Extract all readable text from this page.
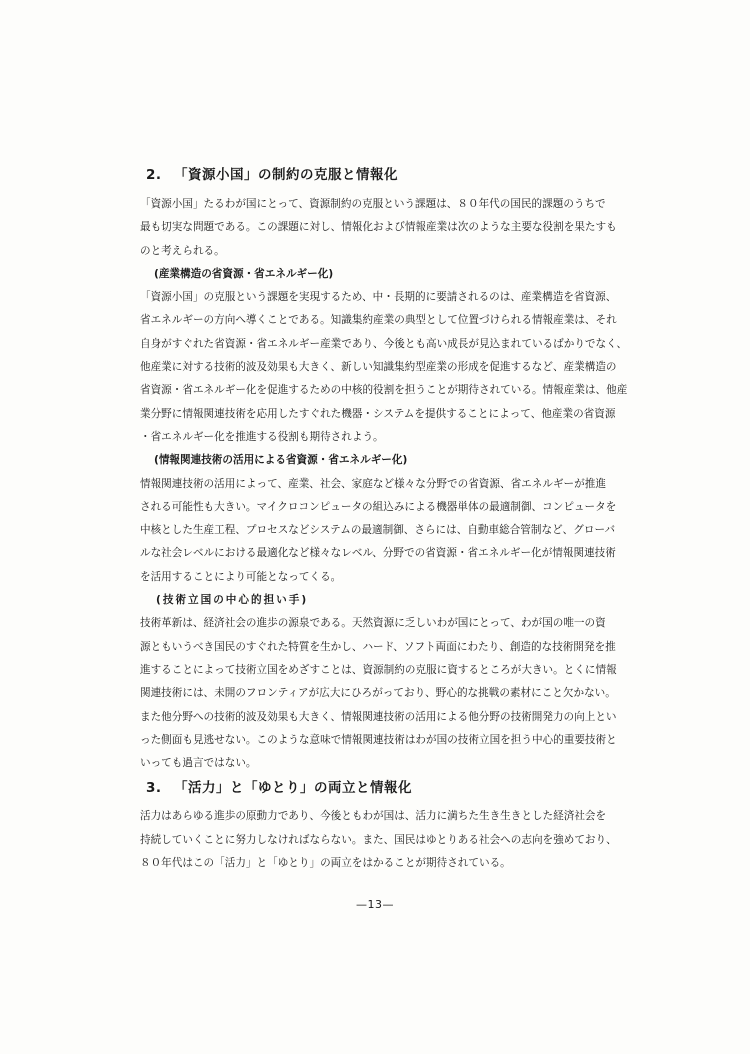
2. 「資源小国」の制約の克服と情報化

「資源小国」たるわが国にとって、資源制約の克服という課題は、８０年代の国民的課題のうちで
最も切実な問題である。この課題に対し、情報化および情報産業は次のような主要な役割を果たすも
のと考えられる。

(産業構造の省資源・省エネルギー化)

「資源小国」の克服という課題を実現するため、中・長期的に要請されるのは、産業構造を省資源、
省エネルギーの方向へ導くことである。知識集約産業の典型として位置づけられる情報産業は、それ
自身がすぐれた省資源・省エネルギー産業であり、今後とも高い成長が見込まれているばかりでなく、
他産業に対する技術的波及効果も大きく、新しい知識集約型産業の形成を促進するなど、産業構造の
省資源・省エネルギー化を促進するための中核的役割を担うことが期待されている。情報産業は、他産
業分野に情報関連技術を応用したすぐれた機器・システムを提供することによって、他産業の省資源
・省エネルギー化を推進する役割も期待されよう。

(情報関連技術の活用による省資源・省エネルギー化)

情報関連技術の活用によって、産業、社会、家庭など様々な分野での省資源、省エネルギーが推進
される可能性も大きい。マイクロコンピュータの組込みによる機器単体の最適制御、コンピュータを
中核とした生産工程、プロセスなどシステムの最適制御、さらには、自動車総合管制など、グローバ
ルな社会レベルにおける最適化など様々なレベル、分野での省資源・省エネルギー化が情報関連技術
を活用することにより可能となってくる。

(技術立国の中心的担い手)

技術革新は、経済社会の進歩の源泉である。天然資源に乏しいわが国にとって、わが国の唯一の資
源ともいうべき国民のすぐれた特質を生かし、ハード、ソフト両面にわたり、創造的な技術開発を推
進することによって技術立国をめざすことは、資源制約の克服に資するところが大きい。とくに情報
関連技術には、未開のフロンティアが広大にひろがっており、野心的な挑戦の素材にこと欠かない。
また他分野への技術的波及効果も大きく、情報関連技術の活用による他分野の技術開発力の向上とい
った側面も見逃せない。このような意味で情報関連技術はわが国の技術立国を担う中心的重要技術と
いっても過言ではない。

3. 「活力」と「ゆとり」の両立と情報化

活力はあらゆる進歩の原動力であり、今後ともわが国は、活力に満ちた生き生きとした経済社会を
持続していくことに努力しなければならない。また、国民はゆとりある社会への志向を強めており、
８０年代はこの「活力」と「ゆとり」の両立をはかることが期待されている。

—13—
